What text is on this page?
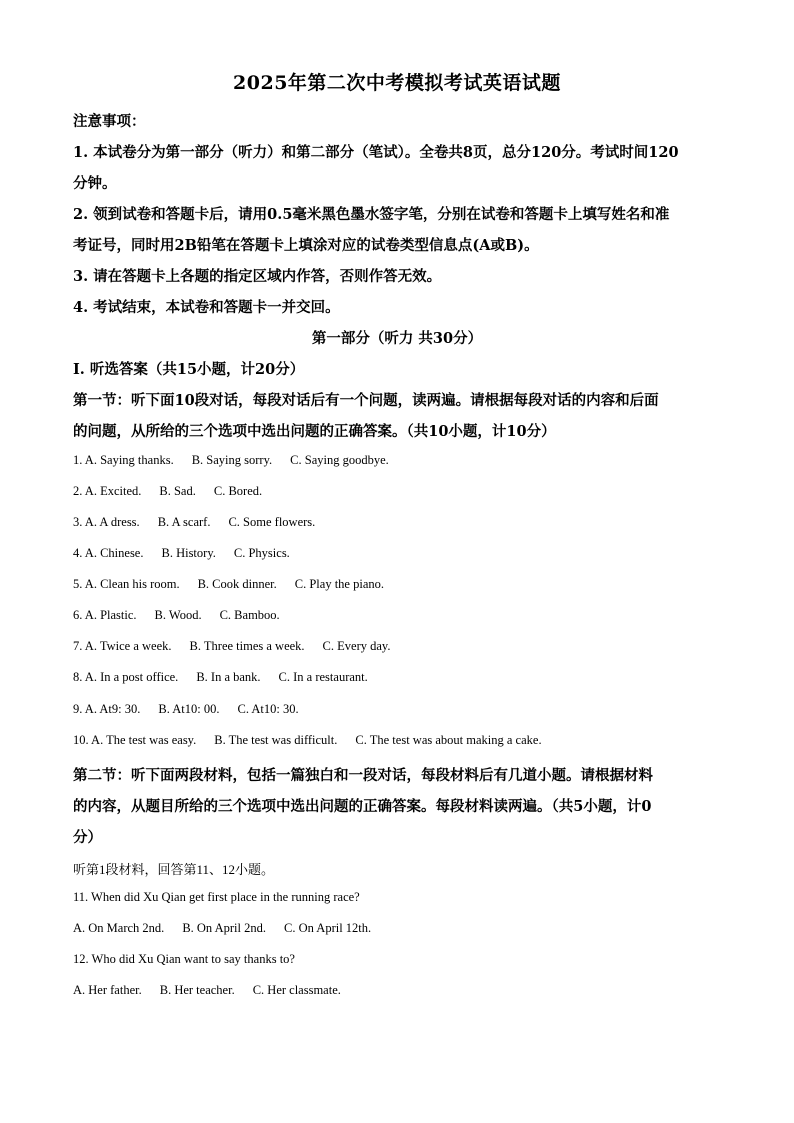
2025年第二次中考模拟考试英语试题
注意事项：
1. 本试卷分为第一部分（听力）和第二部分（笔试）。全卷共8页，总分120分。考试时间120
分钟。
2. 领到试卷和答题卡后，请用0.5毫米黑色墨水签字笔，分别在试卷和答题卡上填写姓名和准
考证号，同时用2B铅笔在答题卡上填涂对应的试卷类型信息点(A或B)。
3. 请在答题卡上各题的指定区域内作答，否则作答无效。
4. 考试结束，本试卷和答题卡一并交回。
第一部分（听力 共30分）
I. 听选答案（共15小题，计20分）
第一节：听下面10段对话，每段对话后有一个问题，读两遍。请根据每段对话的内容和后面
的问题，从所给的三个选项中选出问题的正确答案。（共10小题，计10分）
1. A. Saying thanks. B. Saying sorry. C. Saying goodbye.
2. A. Excited. B. Sad. C. Bored.
3. A. A dress. B. A scarf. C. Some flowers.
4. A. Chinese. B. History. C. Physics.
5. A. Clean his room. B. Cook dinner. C. Play the piano.
6. A. Plastic. B. Wood. C. Bamboo.
7. A. Twice a week. B. Three times a week. C. Every day.
8. A. In a post office. B. In a bank. C. In a restaurant.
9. A. At9: 30. B. At10: 00. C. At10: 30.
10. A. The test was easy. B. The test was difficult. C. The test was about making a cake.
第二节：听下面两段材料，包括一篇独白和一段对话，每段材料后有几道小题。请根据材料
的内容，从题目所给的三个选项中选出问题的正确答案。每段材料读两遍。（共5小题，计0
分）
听第1段材料，回答第11、12小题。
11. When did Xu Qian get first place in the running race?
A. On March 2nd. B. On April 2nd. C. On April 12th.
12. Who did Xu Qian want to say thanks to?
A. Her father. B. Her teacher. C. Her classmate.
